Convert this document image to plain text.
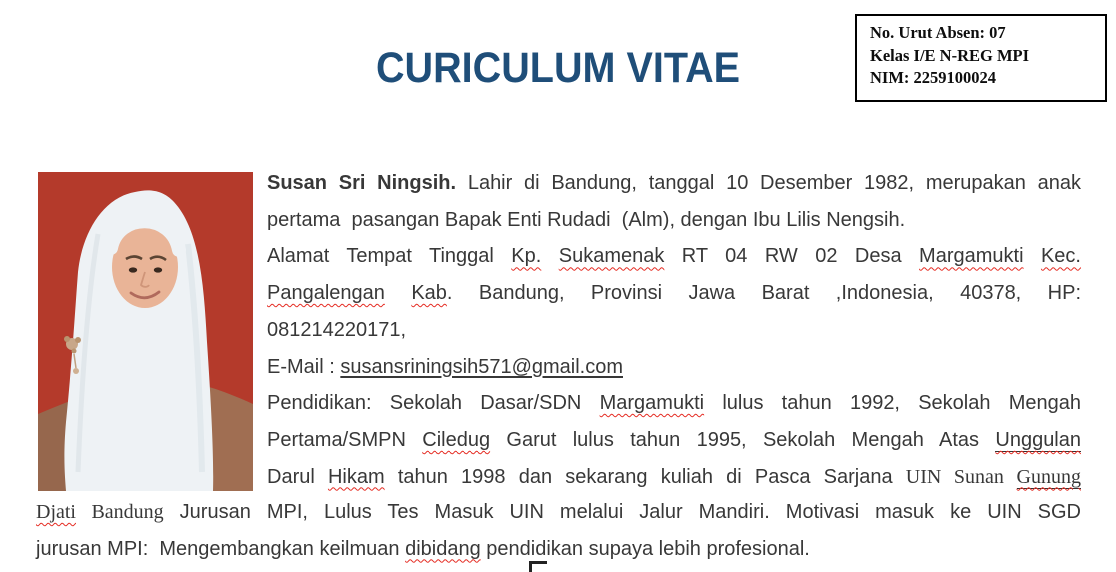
CURICULUM VITAE
No. Urut Absen: 07
Kelas I/E N-REG MPI
NIM: 2259100024
Susan Sri Ningsih. Lahir di Bandung, tanggal 10 Desember 1982, merupakan anak
pertama  pasangan Bapak Enti Rudadi  (Alm), dengan Ibu Lilis Nengsih.
Alamat Tempat Tinggal Kp. Sukamenak RT 04 RW 02 Desa Margamukti Kec.
Pangalengan Kab. Bandung, Provinsi Jawa Barat ,Indonesia, 40378, HP:
081214220171,
E-Mail : susansriningsih571@gmail.com
Pendidikan: Sekolah Dasar/SDN Margamukti lulus tahun 1992, Sekolah Mengah
Pertama/SMPN Ciledug Garut lulus tahun 1995, Sekolah Mengah Atas Unggulan
Darul Hikam tahun 1998 dan sekarang kuliah di Pasca Sarjana UIN Sunan Gunung
Djati Bandung Jurusan MPI, Lulus Tes Masuk UIN melalui Jalur Mandiri. Motivasi masuk ke UIN SGD
jurusan MPI:  Mengembangkan keilmuan dibidang pendidikan supaya lebih profesional.
